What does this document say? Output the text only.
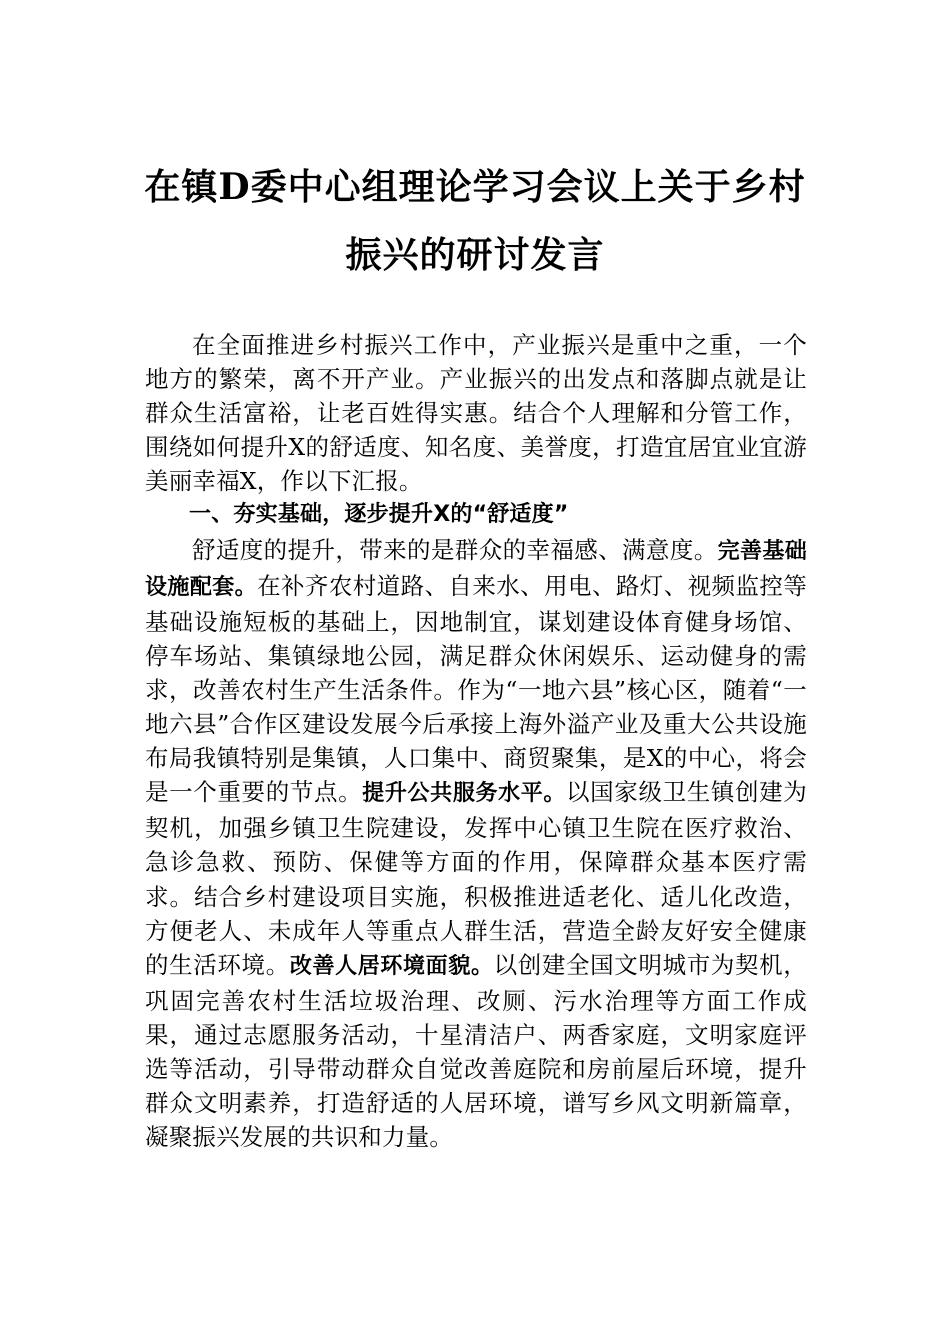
在镇D委中心组理论学习会议上关于乡村
振兴的研讨发言

在全面推进乡村振兴工作中，产业振兴是重中之重，一个地方的繁荣，离不开产业。产业振兴的出发点和落脚点就是让群众生活富裕，让老百姓得实惠。结合个人理解和分管工作，围绕如何提升X的舒适度、知名度、美誉度，打造宜居宜业宜游美丽幸福X，作以下汇报。

一、夯实基础，逐步提升X的“舒适度”

舒适度的提升，带来的是群众的幸福感、满意度。完善基础设施配套。在补齐农村道路、自来水、用电、路灯、视频监控等基础设施短板的基础上，因地制宜，谋划建设体育健身场馆、停车场站、集镇绿地公园，满足群众休闲娱乐、运动健身的需求，改善农村生产生活条件。作为“一地六县”核心区，随着“一地六县”合作区建设发展今后承接上海外溢产业及重大公共设施布局我镇特别是集镇，人口集中、商贸聚集，是X的中心，将会是一个重要的节点。提升公共服务水平。以国家级卫生镇创建为契机，加强乡镇卫生院建设，发挥中心镇卫生院在医疗救治、急诊急救、预防、保健等方面的作用，保障群众基本医疗需求。结合乡村建设项目实施，积极推进适老化、适儿化改造，方便老人、未成年人等重点人群生活，营造全龄友好安全健康的生活环境。改善人居环境面貌。以创建全国文明城市为契机，巩固完善农村生活垃圾治理、改厕、污水治理等方面工作成果，通过志愿服务活动，十星清洁户、两香家庭，文明家庭评选等活动，引导带动群众自觉改善庭院和房前屋后环境，提升群众文明素养，打造舒适的人居环境，谱写乡风文明新篇章，凝聚振兴发展的共识和力量。
